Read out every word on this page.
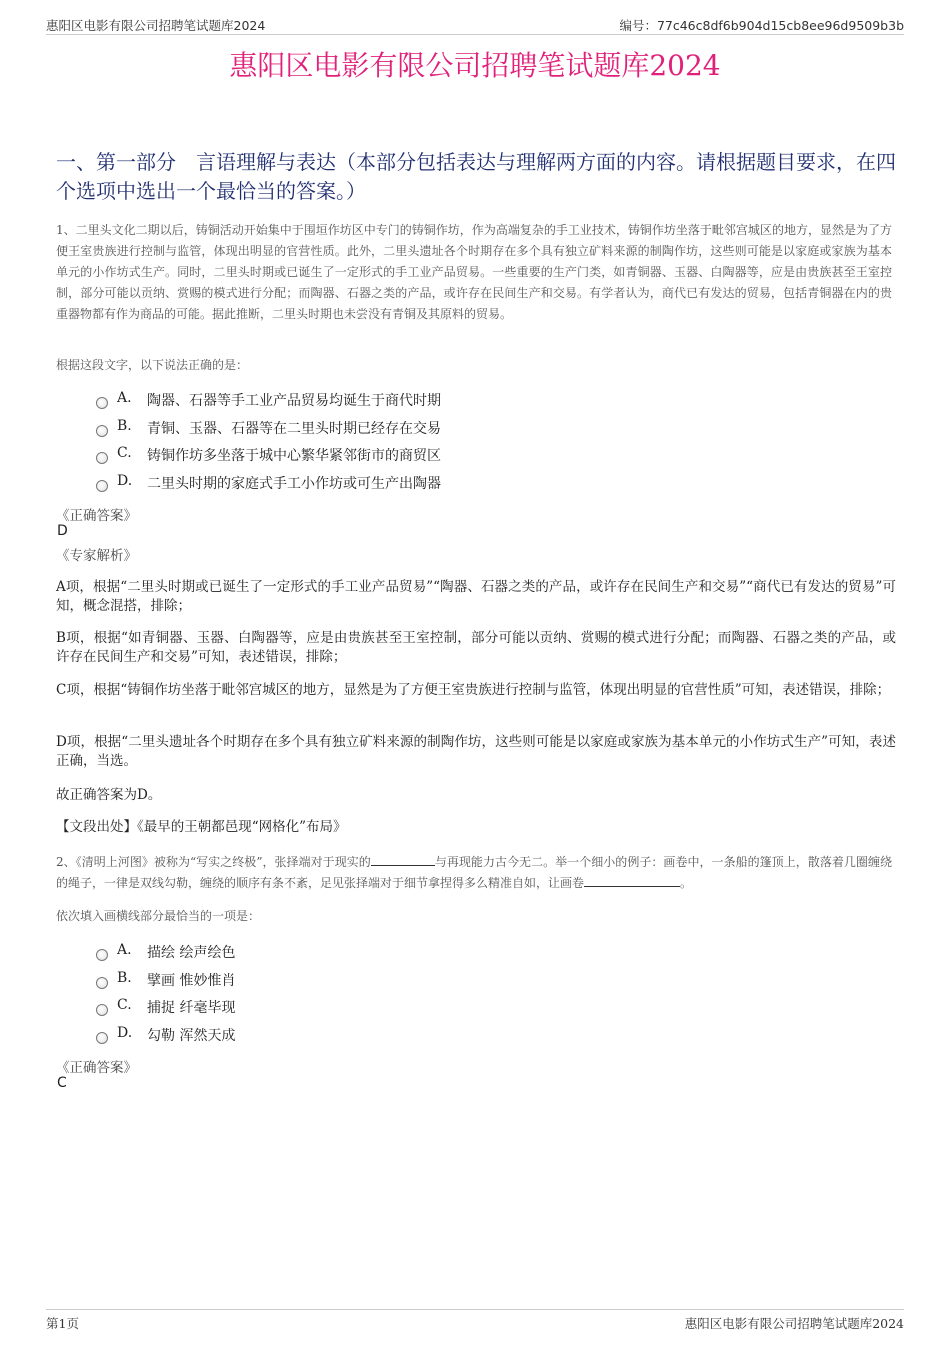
惠阳区电影有限公司招聘笔试题库2024	编号：77c46c8df6b904d15cb8ee96d9509b3b
惠阳区电影有限公司招聘笔试题库2024
一、第一部分　言语理解与表达（本部分包括表达与理解两方面的内容。请根据题目要求，在四个选项中选出一个最恰当的答案。）
1、二里头文化二期以后，铸铜活动开始集中于围垣作坊区中专门的铸铜作坊，作为高端复杂的手工业技术，铸铜作坊坐落于毗邻宫城区的地方，显然是为了方便王室贵族进行控制与监管，体现出明显的官营性质。此外，二里头遗址各个时期存在多个具有独立矿料来源的制陶作坊，这些则可能是以家庭或家族为基本单元的小作坊式生产。同时，二里头时期或已诞生了一定形式的手工业产品贸易。一些重要的生产门类，如青铜器、玉器、白陶器等，应是由贵族甚至王室控制，部分可能以贡纳、赏赐的模式进行分配；而陶器、石器之类的产品，或许存在民间生产和交易。有学者认为，商代已有发达的贸易，包括青铜器在内的贵重器物都有作为商品的可能。据此推断，二里头时期也未尝没有青铜及其原料的贸易。
根据这段文字，以下说法正确的是：
A. 陶器、石器等手工业产品贸易均诞生于商代时期
B. 青铜、玉器、石器等在二里头时期已经存在交易
C. 铸铜作坊多坐落于城中心繁华紧邻街市的商贸区
D. 二里头时期的家庭式手工小作坊或可生产出陶器
《正确答案》
D
《专家解析》
A项，根据“二里头时期或已诞生了一定形式的手工业产品贸易”“陶器、石器之类的产品，或许存在民间生产和交易”“商代已有发达的贸易”可知，概念混搭，排除；
B项，根据“如青铜器、玉器、白陶器等，应是由贵族甚至王室控制，部分可能以贡纳、赏赐的模式进行分配；而陶器、石器之类的产品，或许存在民间生产和交易”可知，表述错误，排除；
C项，根据“铸铜作坊坐落于毗邻宫城区的地方，显然是为了方便王室贵族进行控制与监管，体现出明显的官营性质”可知，表述错误，排除；
D项，根据“二里头遗址各个时期存在多个具有独立矿料来源的制陶作坊，这些则可能是以家庭或家族为基本单元的小作坊式生产”可知，表述正确，当选。
故正确答案为D。
【文段出处】《最早的王朝都邑现“网格化”布局》
2、《清明上河图》被称为“写实之终极”，张择端对于现实的	与再现能力古今无二。举一个细小的例子：画卷中，一条船的篷顶上，散落着几圈缠绕的绳子，一律是双线勾勒，缠绕的顺序有条不紊，足见张择端对于细节拿捏得多么精准自如，让画卷	。
依次填入画横线部分最恰当的一项是：
A. 描绘 绘声绘色
B. 擘画 惟妙惟肖
C. 捕捉 纤毫毕现
D. 勾勒 浑然天成
《正确答案》
C
第1页	惠阳区电影有限公司招聘笔试题库2024
